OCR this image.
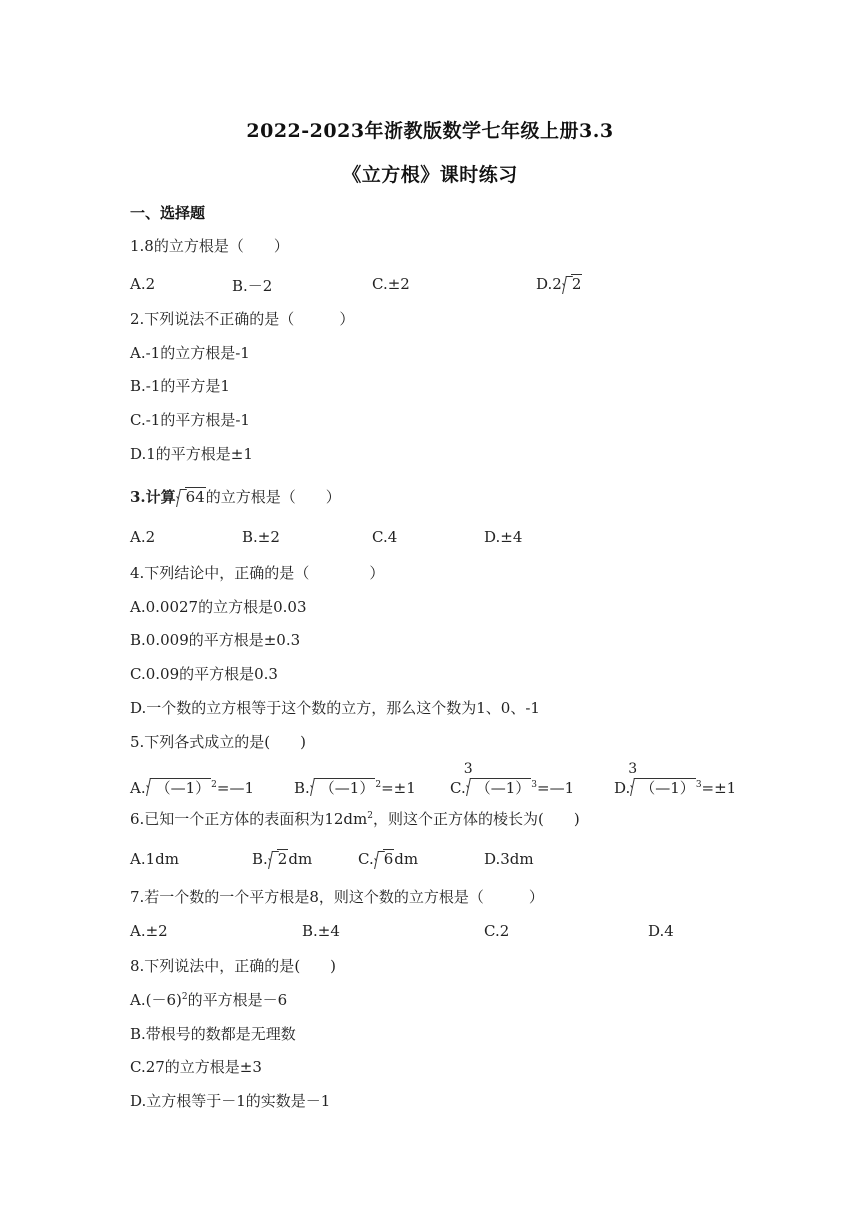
2022-2023年浙教版数学七年级上册3.3
《立方根》课时练习
一、选择题
1.8的立方根是（　　）
A.2	B.－2	C.±2	D.2 2
2.下列说法不正确的是（　　　）
A.-1的立方根是-1
B.-1的平方是1
C.-1的平方根是-1
D.1的平方根是±1
3.计算 64的立方根是（　　）
A.2	B.±2	C.4	D.±4
4.下列结论中，正确的是（　　　　）
A.0.0027的立方根是0.03
B.0.009的平方根是±0.3
C.0.09的平方根是0.3
D.一个数的立方根等于这个数的立方，那么这个数为1、0、-1
5.下列各式成立的是(　　)
A. （—1）$^2$=—1	B. （—1）$^2$=±1 C.
3
（—1）$^3$=—1	D.
3
（—1）$^3$=±1
6.已知一个正方体的表面积为$12dm^2$，则这个正方体的棱长为(　　)
A.1dm	B. 2dm	C. 6dm	D.3dm
7.若一个数的一个平方根是8，则这个数的立方根是（　　　）
A.±2	B.±4	C.2	D.4
8.下列说法中，正确的是(　　)
$A.(-6)^2$的平方根是－6
B.带根号的数都是无理数
C.27的立方根是±3
D.立方根等于－1的实数是－1
